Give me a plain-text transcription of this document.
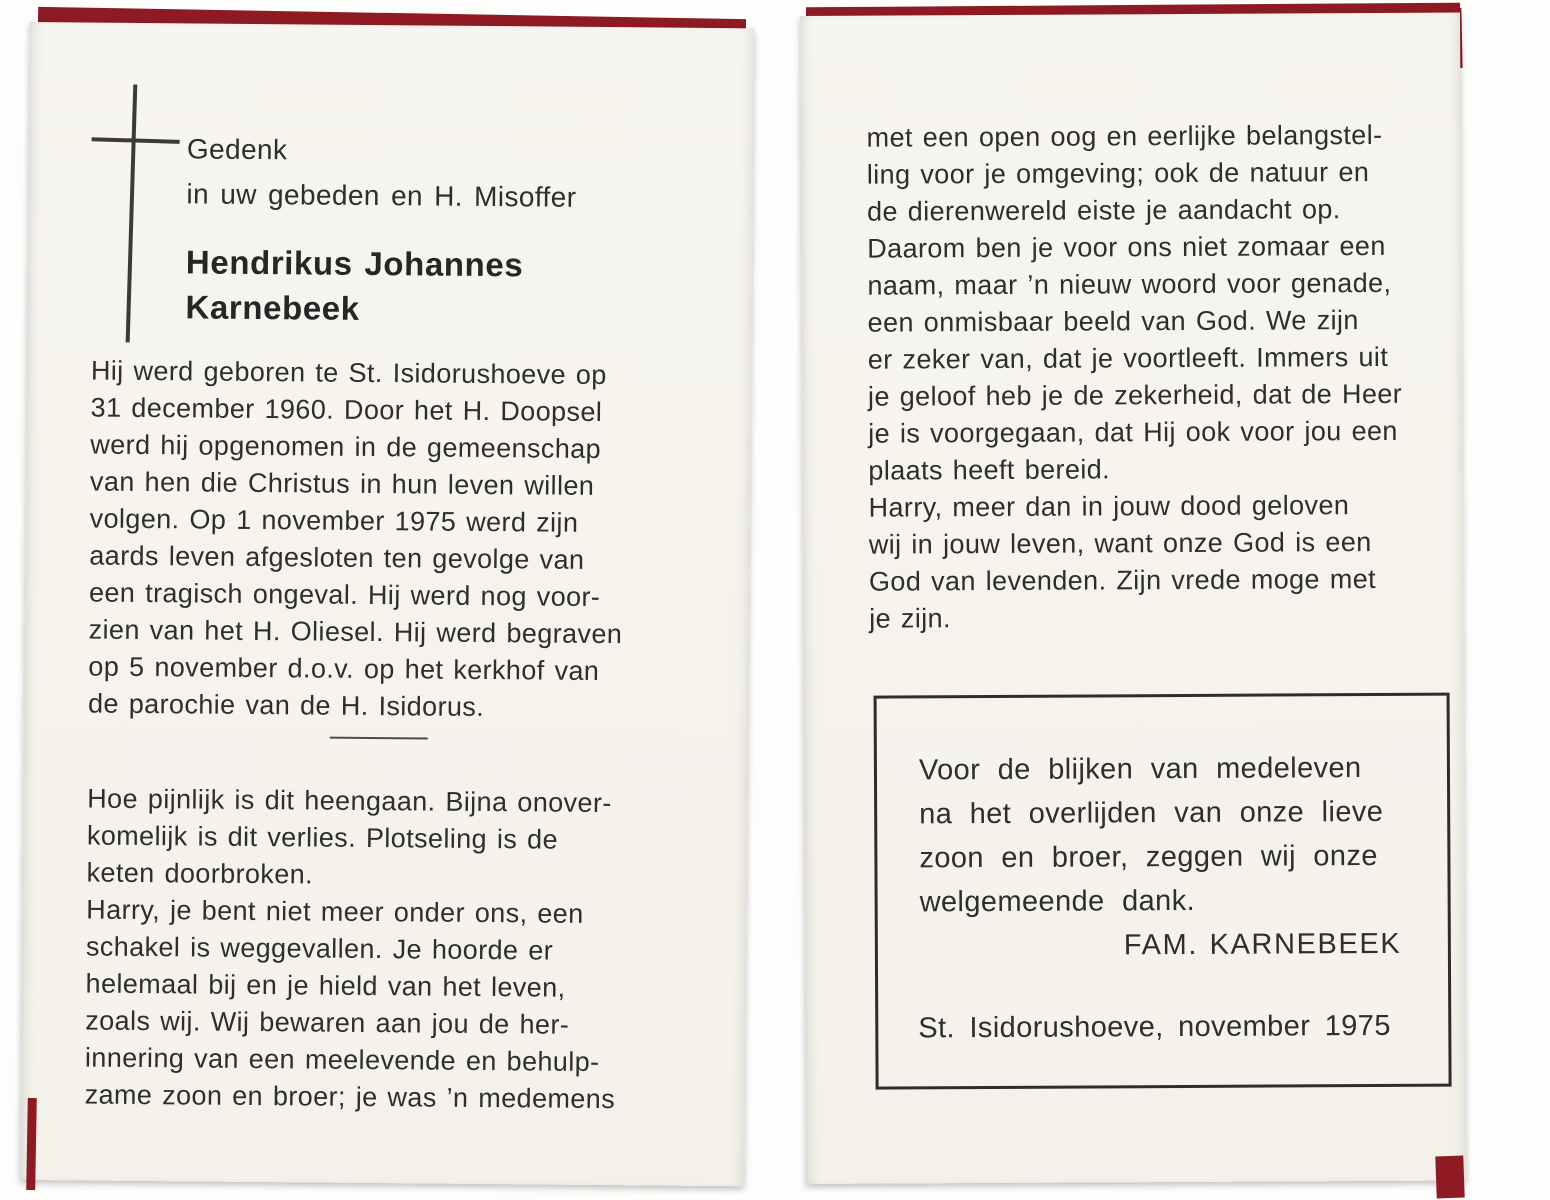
Gedenk
in uw gebeden en H. Misoffer
Hendrikus Johannes
Karnebeek
Hij werd geboren te St. Isidorushoeve op
31 december 1960. Door het H. Doopsel
werd hij opgenomen in de gemeenschap
van hen die Christus in hun leven willen
volgen. Op 1 november 1975 werd zijn
aards leven afgesloten ten gevolge van
een tragisch ongeval. Hij werd nog voor-
zien van het H. Oliesel. Hij werd begraven
op 5 november d.o.v. op het kerkhof van
de parochie van de H. Isidorus.
Hoe pijnlijk is dit heengaan. Bijna onover-
komelijk is dit verlies. Plotseling is de
keten doorbroken.
Harry, je bent niet meer onder ons, een
schakel is weggevallen. Je hoorde er
helemaal bij en je hield van het leven,
zoals wij. Wij bewaren aan jou de her-
innering van een meelevende en behulp-
zame zoon en broer; je was ’n medemens
met een open oog en eerlijke belangstel-
ling voor je omgeving; ook de natuur en
de dierenwereld eiste je aandacht op.
Daarom ben je voor ons niet zomaar een
naam, maar ’n nieuw woord voor genade,
een onmisbaar beeld van God. We zijn
er zeker van, dat je voortleeft. Immers uit
je geloof heb je de zekerheid, dat de Heer
je is voorgegaan, dat Hij ook voor jou een
plaats heeft bereid.
Harry, meer dan in jouw dood geloven
wij in jouw leven, want onze God is een
God van levenden. Zijn vrede moge met
je zijn.
Voor de blijken van medeleven
na het overlijden van onze lieve
zoon en broer, zeggen wij onze
welgemeende dank.
FAM. KARNEBEEK
St. Isidorushoeve, november 1975
